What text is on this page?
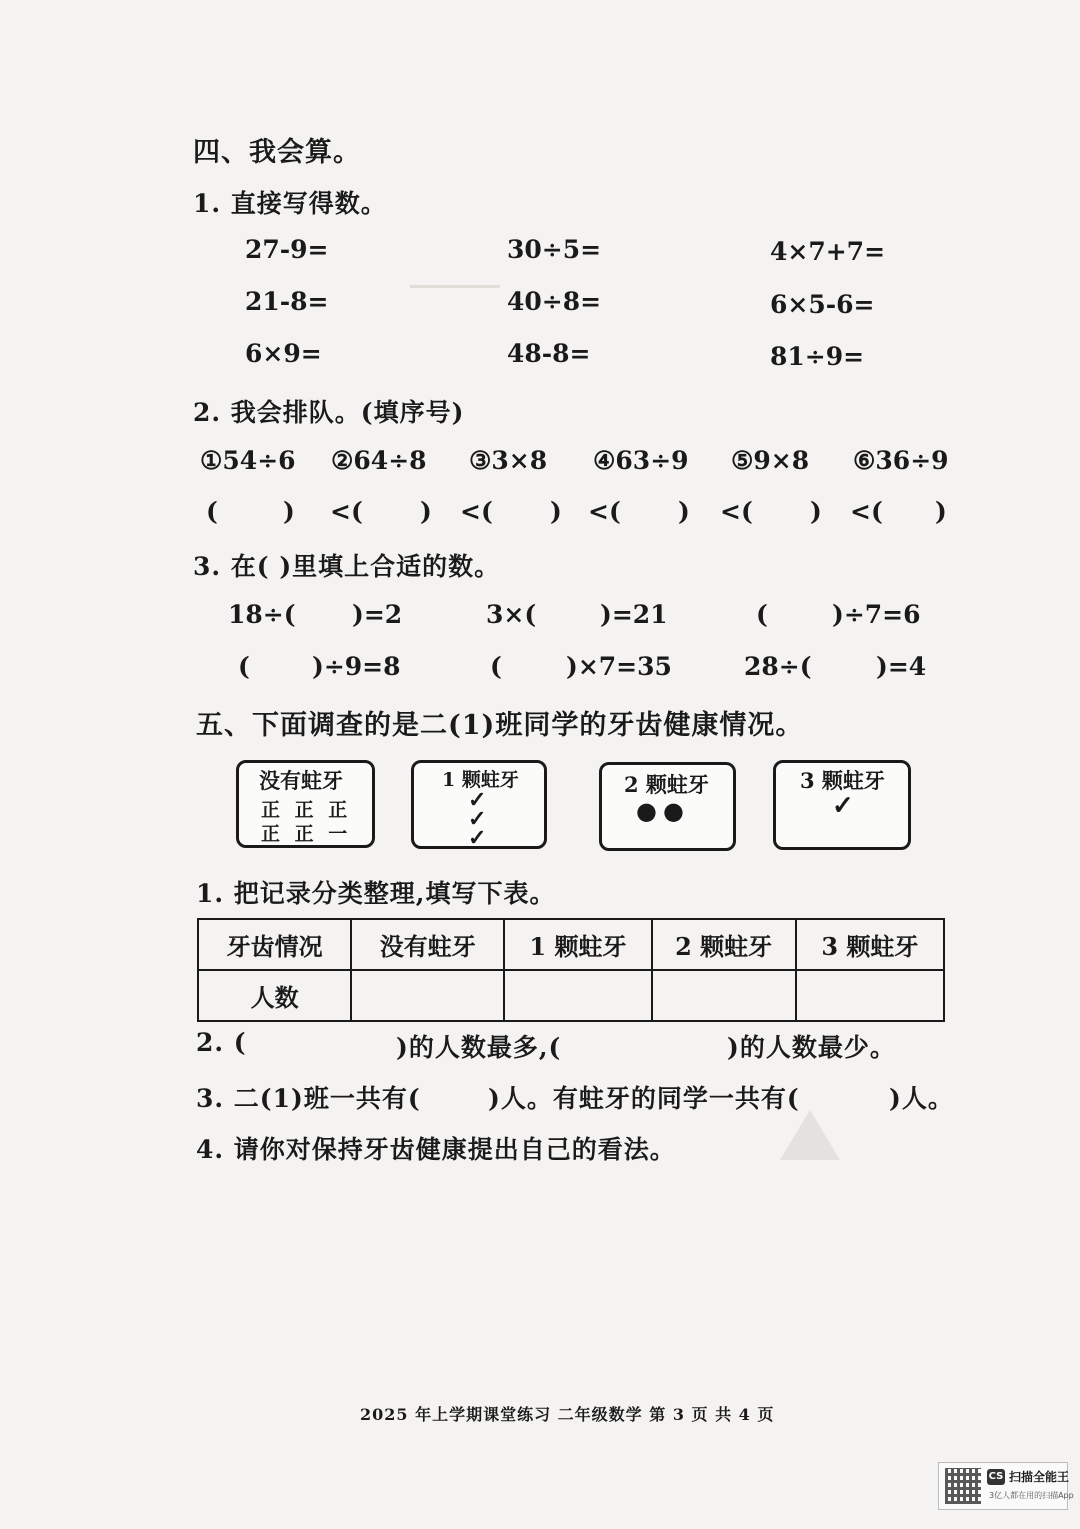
四、我会算。
1. 直接写得数。
27-9=	30÷5=	4×7+7=
21-8=	40÷8=	6×5-6=
6×9=	48-8=	81÷9=
2. 我会排队。(填序号)
①54÷6 ②64÷8 ③3×8 ④63÷9 ⑤9×8 ⑥36÷9
(	) <( ) <( ) <( ) <( ) <( )
3. 在( )里填上合适的数。
18÷( )=2	3×(	)=21	(	)÷7=6
( )÷9=8	(	)×7=35	28÷(	)=4
五、下面调查的是二(1)班同学的牙齿健康情况。
没有蛀牙
正 正 正
正 正 一
1 颗蛀牙
✓✓✓
2 颗蛀牙
●●
3 颗蛀牙
✓
1. 把记录分类整理,填写下表。
牙齿情况	没有蛀牙	1 颗蛀牙	2 颗蛀牙	3 颗蛀牙
人数				
2. (	)的人数最多,(	)的人数最少。
3. 二(1)班一共有(	)人。有蛀牙的同学一共有(	)人。
4. 请你对保持牙齿健康提出自己的看法。
2025 年上学期课堂练习 二年级数学 第 3 页 共 4 页
CS 扫描全能王
3亿人都在用的扫描App
